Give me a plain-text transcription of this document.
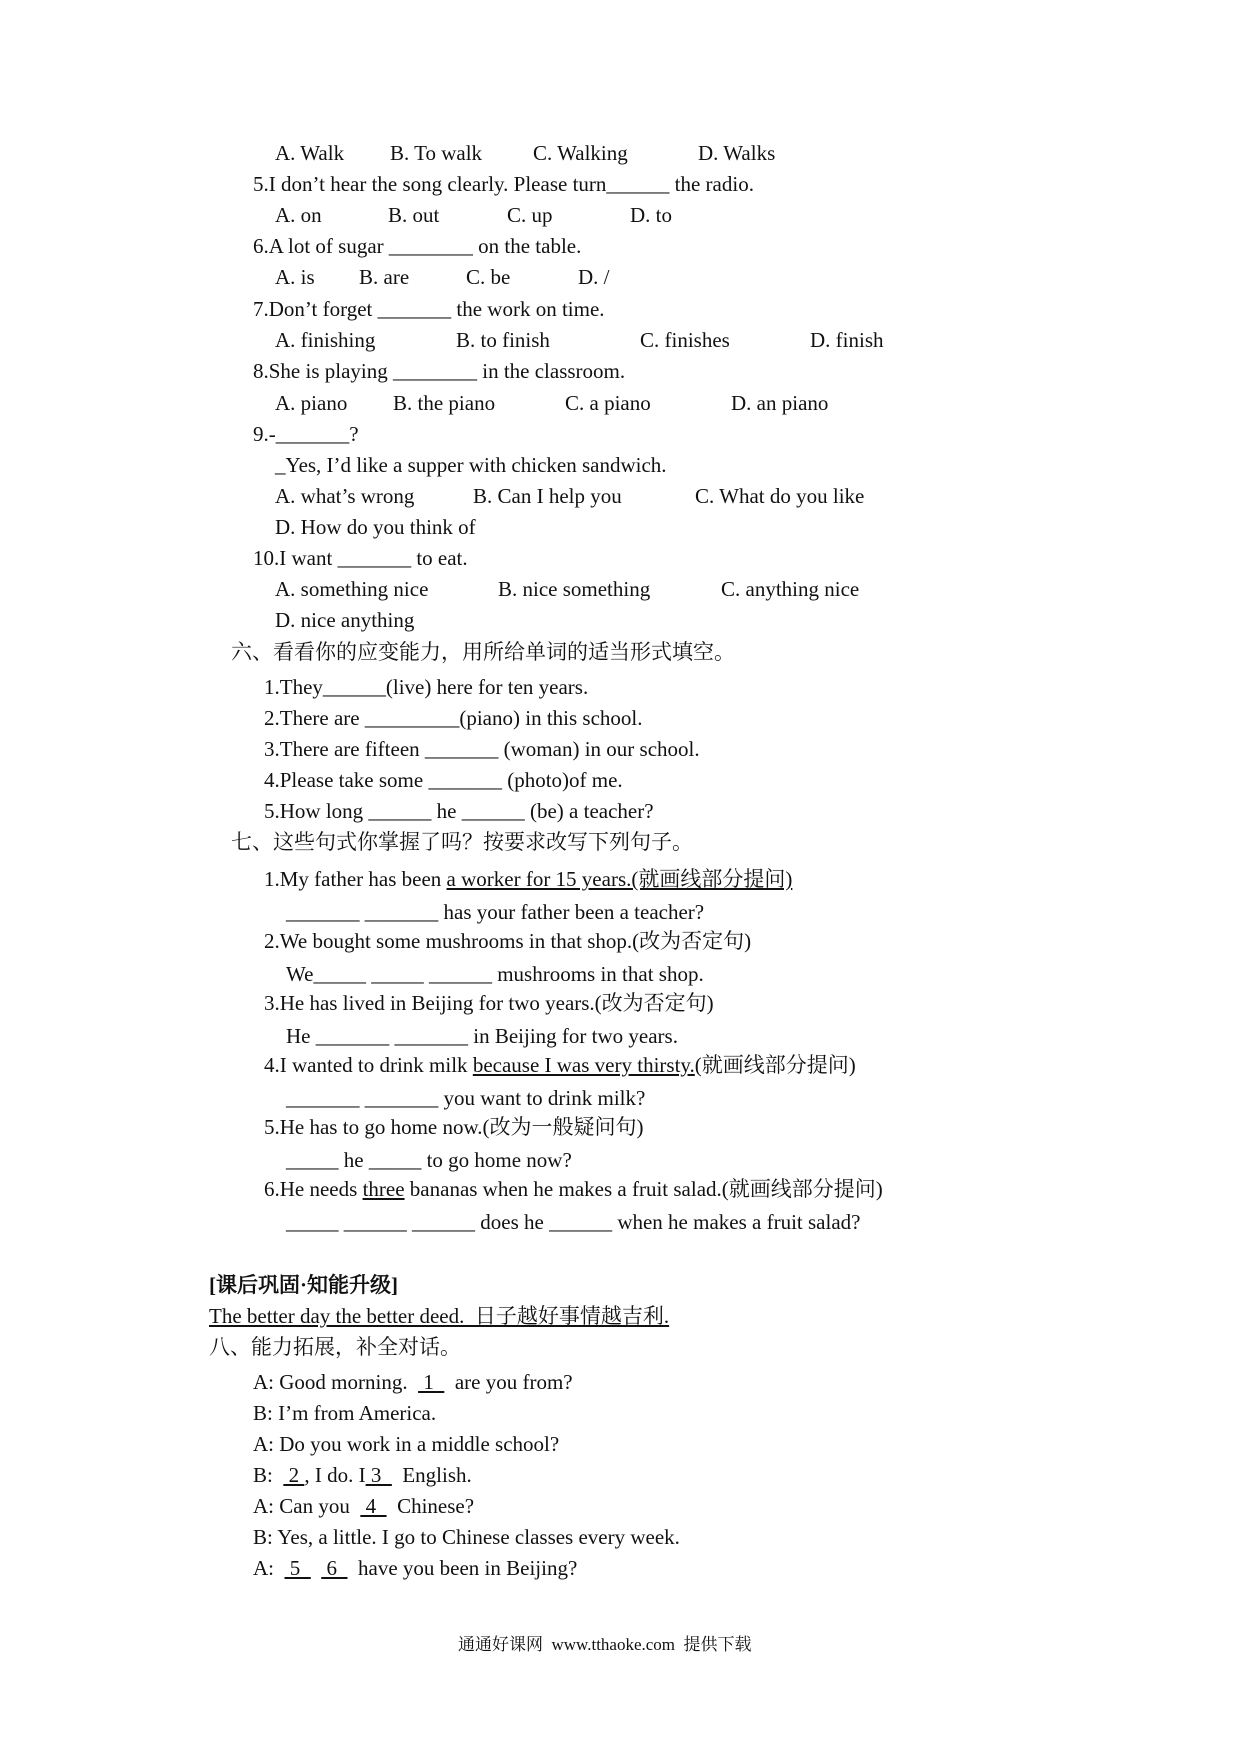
A. Walk B. To walk C. Walking	D. Walks
5.I don’t hear the song clearly. Please turn______ the radio.
A. on	B. out	C. up	D. to
6.A lot of sugar ________ on the table.
A. is B. are	C. be	D. /
7.Don’t forget _______ the work on time.
A. finishing	B. to finish	C. finishes	D. finish
8.She is playing ________ in the classroom.
A. piano B. the piano	C. a piano	D. an piano
9.-_______?
_Yes, I’d like a supper with chicken sandwich.
A. what’s wrong	B. Can I help you	C. What do you like
D. How do you think of
10.I want _______ to eat.
A. something nice	B. nice something	C. anything nice
D. nice anything
六、看看你的应变能力，用所给单词的适当形式填空。
1.They______(live) here for ten years.
2.There are _________(piano) in this school.
3.There are fifteen _______ (woman) in our school.
4.Please take some _______ (photo)of me.
5.How long ______ he ______ (be) a teacher?
七、这些句式你掌握了吗？按要求改写下列句子。
1.My father has been a worker for 15 years.(就画线部分提问)
_______ _______ has your father been a teacher?
2.We bought some mushrooms in that shop.(改为否定句)
We_____ _____ ______ mushrooms in that shop.
3.He has lived in Beijing for two years.(改为否定句)
He _______ _______ in Beijing for two years.
4.I wanted to drink milk because I was very thirsty.(就画线部分提问)
_______ _______ you want to drink milk?
5.He has to go home now.(改为一般疑问句)
_____ he _____ to go home now?
6.He needs three bananas when he makes a fruit salad.(就画线部分提问)
_____ ______ ______ does he ______ when he makes a fruit salad?
[课后巩固·知能升级]
The better day the better deed.  日子越好事情越吉利.
八、能力拓展，补全对话。
A: Good morning.   1    are you from?
B: I’m from America.
A: Do you work in a middle school?
B:   2 , I do. I 3    English.
A: Can you   4    Chinese?
B: Yes, a little. I go to Chinese classes every week.
A:   5     6    have you been in Beijing?
通通好课网  www.tthaoke.com  提供下载
